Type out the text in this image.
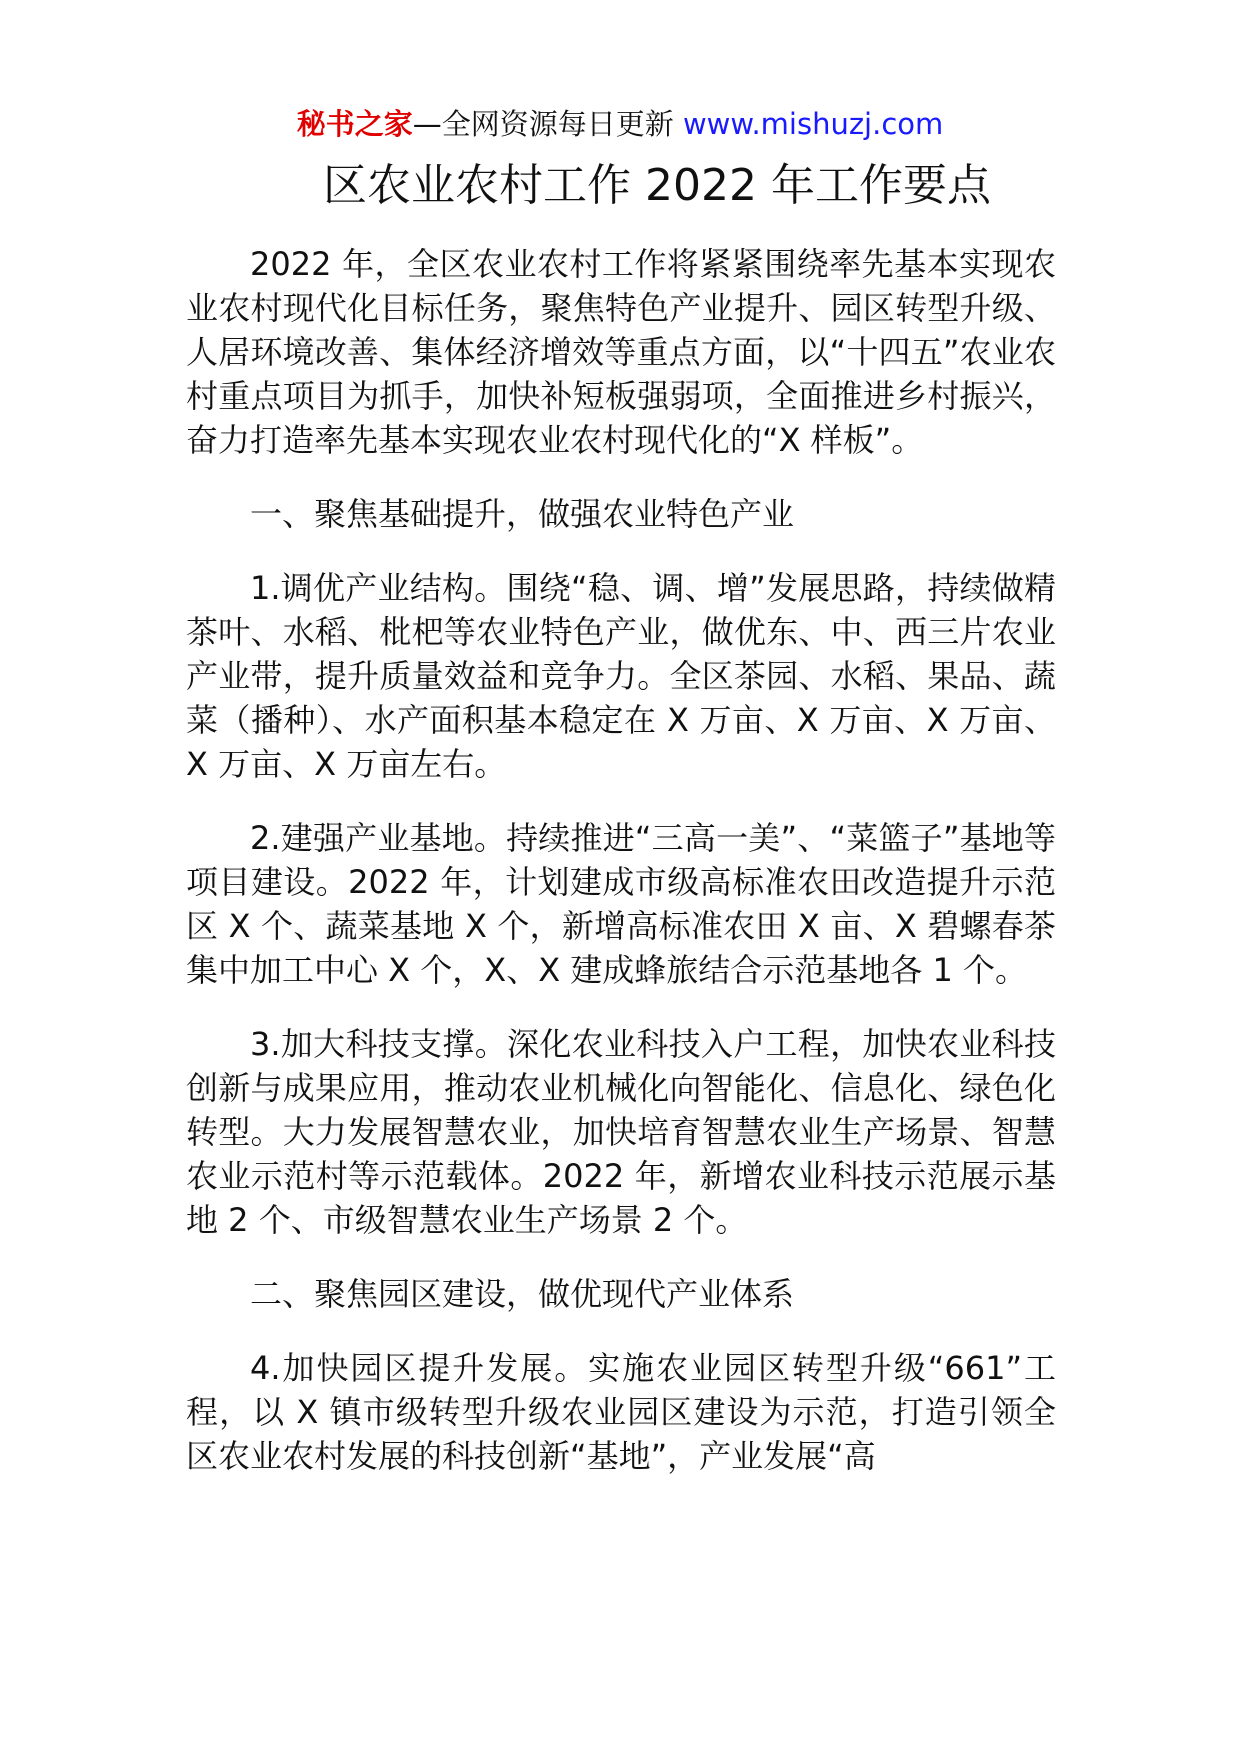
秘书之家—全网资源每日更新 www.mishuzj.com
区农业农村工作 2022 年工作要点

2022 年，全区农业农村工作将紧紧围绕率先基本实现农业农村现代化目标任务，聚焦特色产业提升、园区转型升级、人居环境改善、集体经济增效等重点方面，以“十四五”农业农村重点项目为抓手，加快补短板强弱项，全面推进乡村振兴，奋力打造率先基本实现农业农村现代化的“X 样板”。

一、聚焦基础提升，做强农业特色产业

1.调优产业结构。围绕“稳、调、增”发展思路，持续做精茶叶、水稻、枇杷等农业特色产业，做优东、中、西三片农业产业带，提升质量效益和竞争力。全区茶园、水稻、果品、蔬菜（播种）、水产面积基本稳定在 X 万亩、X 万亩、X 万亩、X 万亩、X 万亩左右。

2.建强产业基地。持续推进“三高一美”、“菜篮子”基地等项目建设。2022 年，计划建成市级高标准农田改造提升示范区 X 个、蔬菜基地 X 个，新增高标准农田 X 亩、X 碧螺春茶集中加工中心 X 个，X、X 建成蜂旅结合示范基地各 1 个。

3.加大科技支撑。深化农业科技入户工程，加快农业科技创新与成果应用，推动农业机械化向智能化、信息化、绿色化转型。大力发展智慧农业，加快培育智慧农业生产场景、智慧农业示范村等示范载体。2022 年，新增农业科技示范展示基地 2 个、市级智慧农业生产场景 2 个。

二、聚焦园区建设，做优现代产业体系

4.加快园区提升发展。实施农业园区转型升级“661”工程，以 X 镇市级转型升级农业园区建设为示范，打造引领全区农业农村发展的科技创新“基地”，产业发展“高
